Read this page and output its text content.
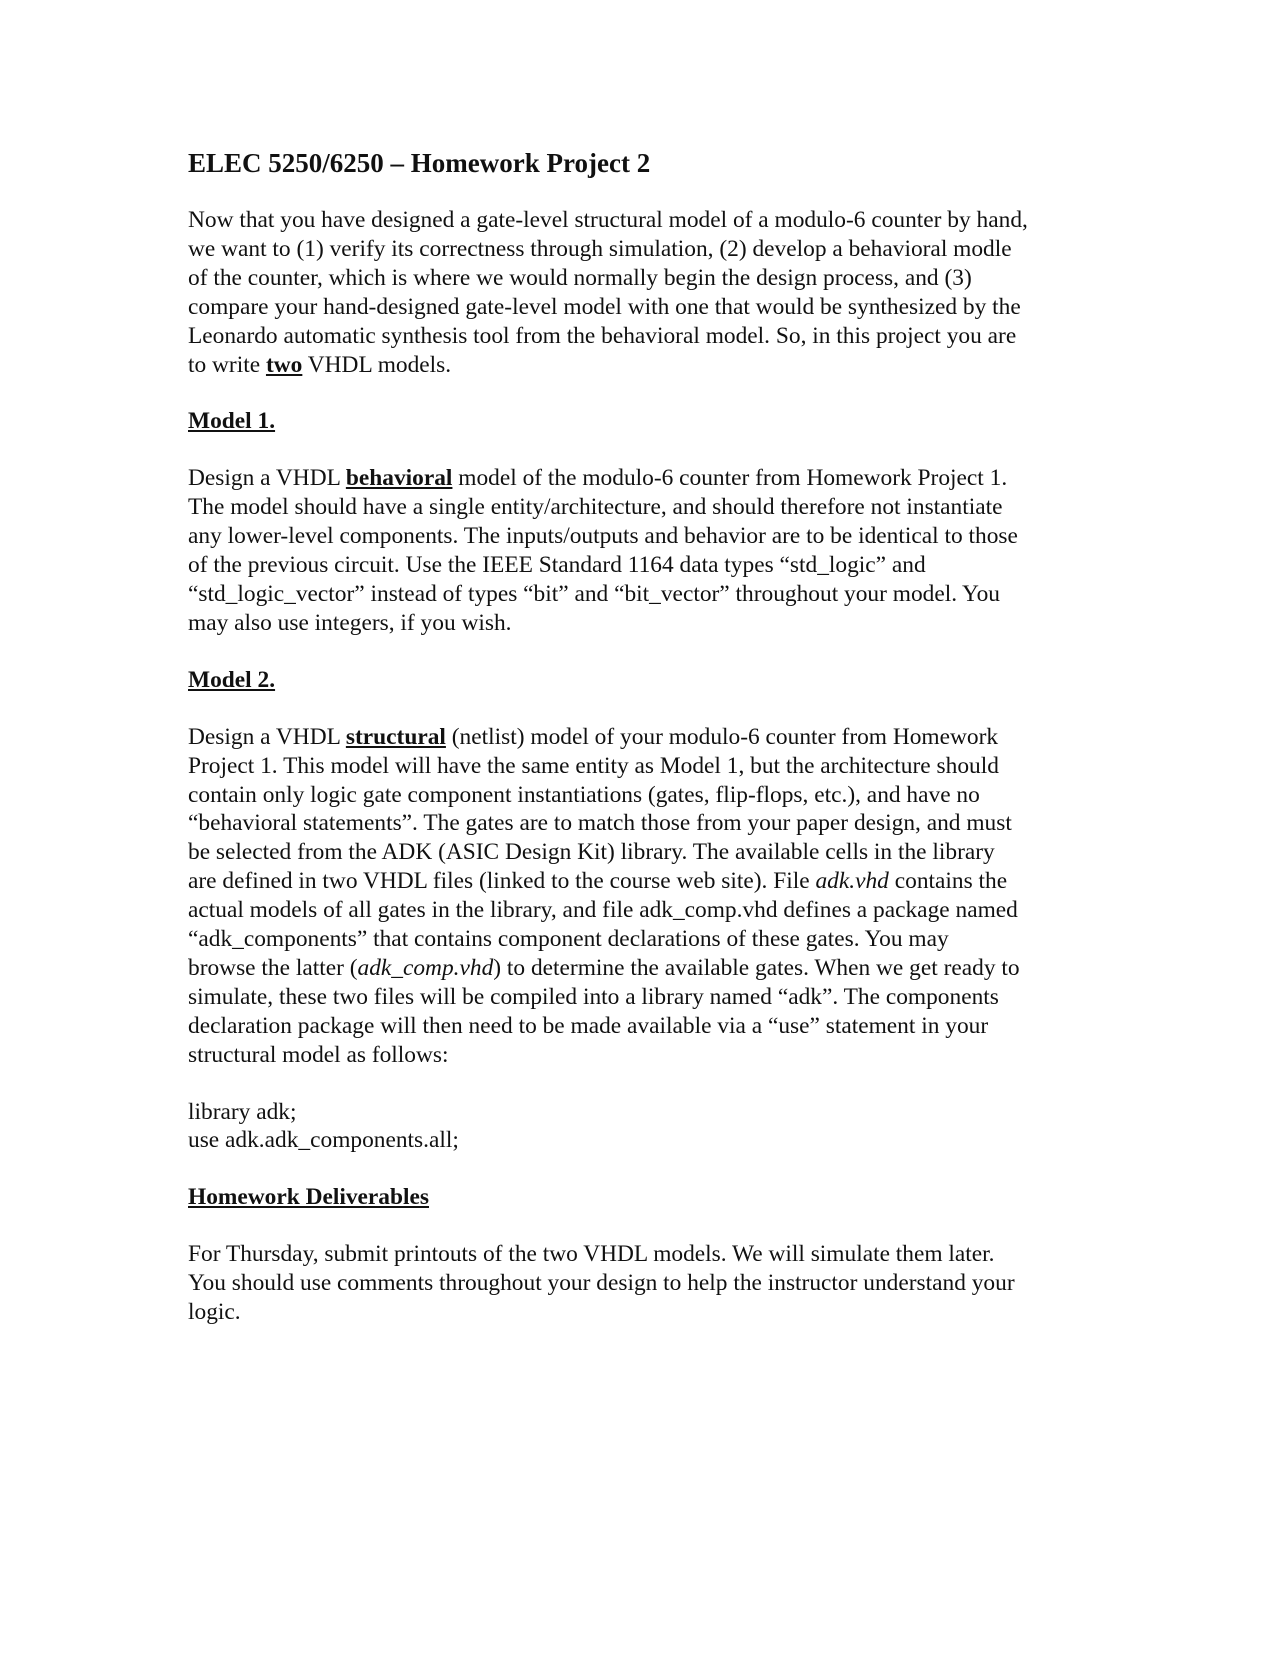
ELEC 5250/6250 – Homework Project 2
Now that you have designed a gate-level structural model of a modulo-6 counter by hand,
we want to (1) verify its correctness through simulation, (2) develop a behavioral modle
of the counter, which is where we would normally begin the design process, and (3)
compare your hand-designed gate-level model with one that would be synthesized by the
Leonardo automatic synthesis tool from the behavioral model. So, in this project you are
to write two VHDL models.
Model 1.
Design a VHDL behavioral model of the modulo-6 counter from Homework Project 1.
The model should have a single entity/architecture, and should therefore not instantiate
any lower-level components. The inputs/outputs and behavior are to be identical to those
of the previous circuit. Use the IEEE Standard 1164 data types “std_logic” and
“std_logic_vector” instead of types “bit” and “bit_vector” throughout your model. You
may also use integers, if you wish.
Model 2.
Design a VHDL structural (netlist) model of your modulo-6 counter from Homework
Project 1. This model will have the same entity as Model 1, but the architecture should
contain only logic gate component instantiations (gates, flip-flops, etc.), and have no
“behavioral statements”. The gates are to match those from your paper design, and must
be selected from the ADK (ASIC Design Kit) library. The available cells in the library
are defined in two VHDL files (linked to the course web site). File adk.vhd contains the
actual models of all gates in the library, and file adk_comp.vhd defines a package named
“adk_components” that contains component declarations of these gates. You may
browse the latter (adk_comp.vhd) to determine the available gates. When we get ready to
simulate, these two files will be compiled into a library named “adk”. The components
declaration package will then need to be made available via a “use” statement in your
structural model as follows:
library adk;
use adk.adk_components.all;
Homework Deliverables
For Thursday, submit printouts of the two VHDL models. We will simulate them later.
You should use comments throughout your design to help the instructor understand your
logic.
